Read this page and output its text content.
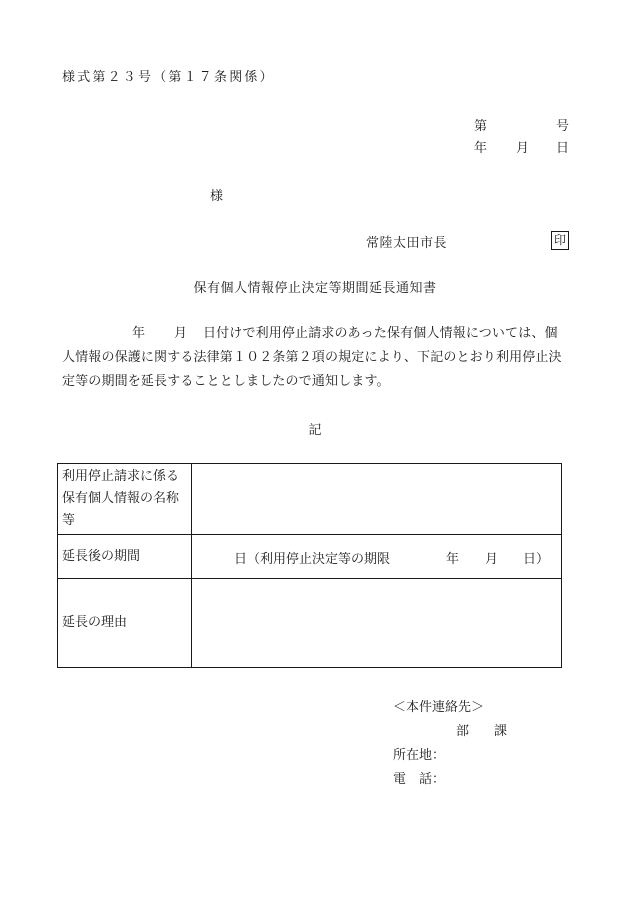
様式第２３号（第１７条関係）
第	号
年 月 日
様
常陸太田市長	印
保有個人情報停止決定等期間延長通知書
年 月 日付けで利用停止請求のあった保有個人情報については、個
人情報の保護に関する法律第１０２条第２項の規定により、下記のとおり利用停止決
定等の期間を延長することとしましたので通知します。
記
利用停止請求に係る
保有個人情報の名称
等	

延長後の期間	日（利用停止決定等の期限 年 月 日）

延長の理由	
＜本件連絡先＞
部 課
所在地：
電　話：
